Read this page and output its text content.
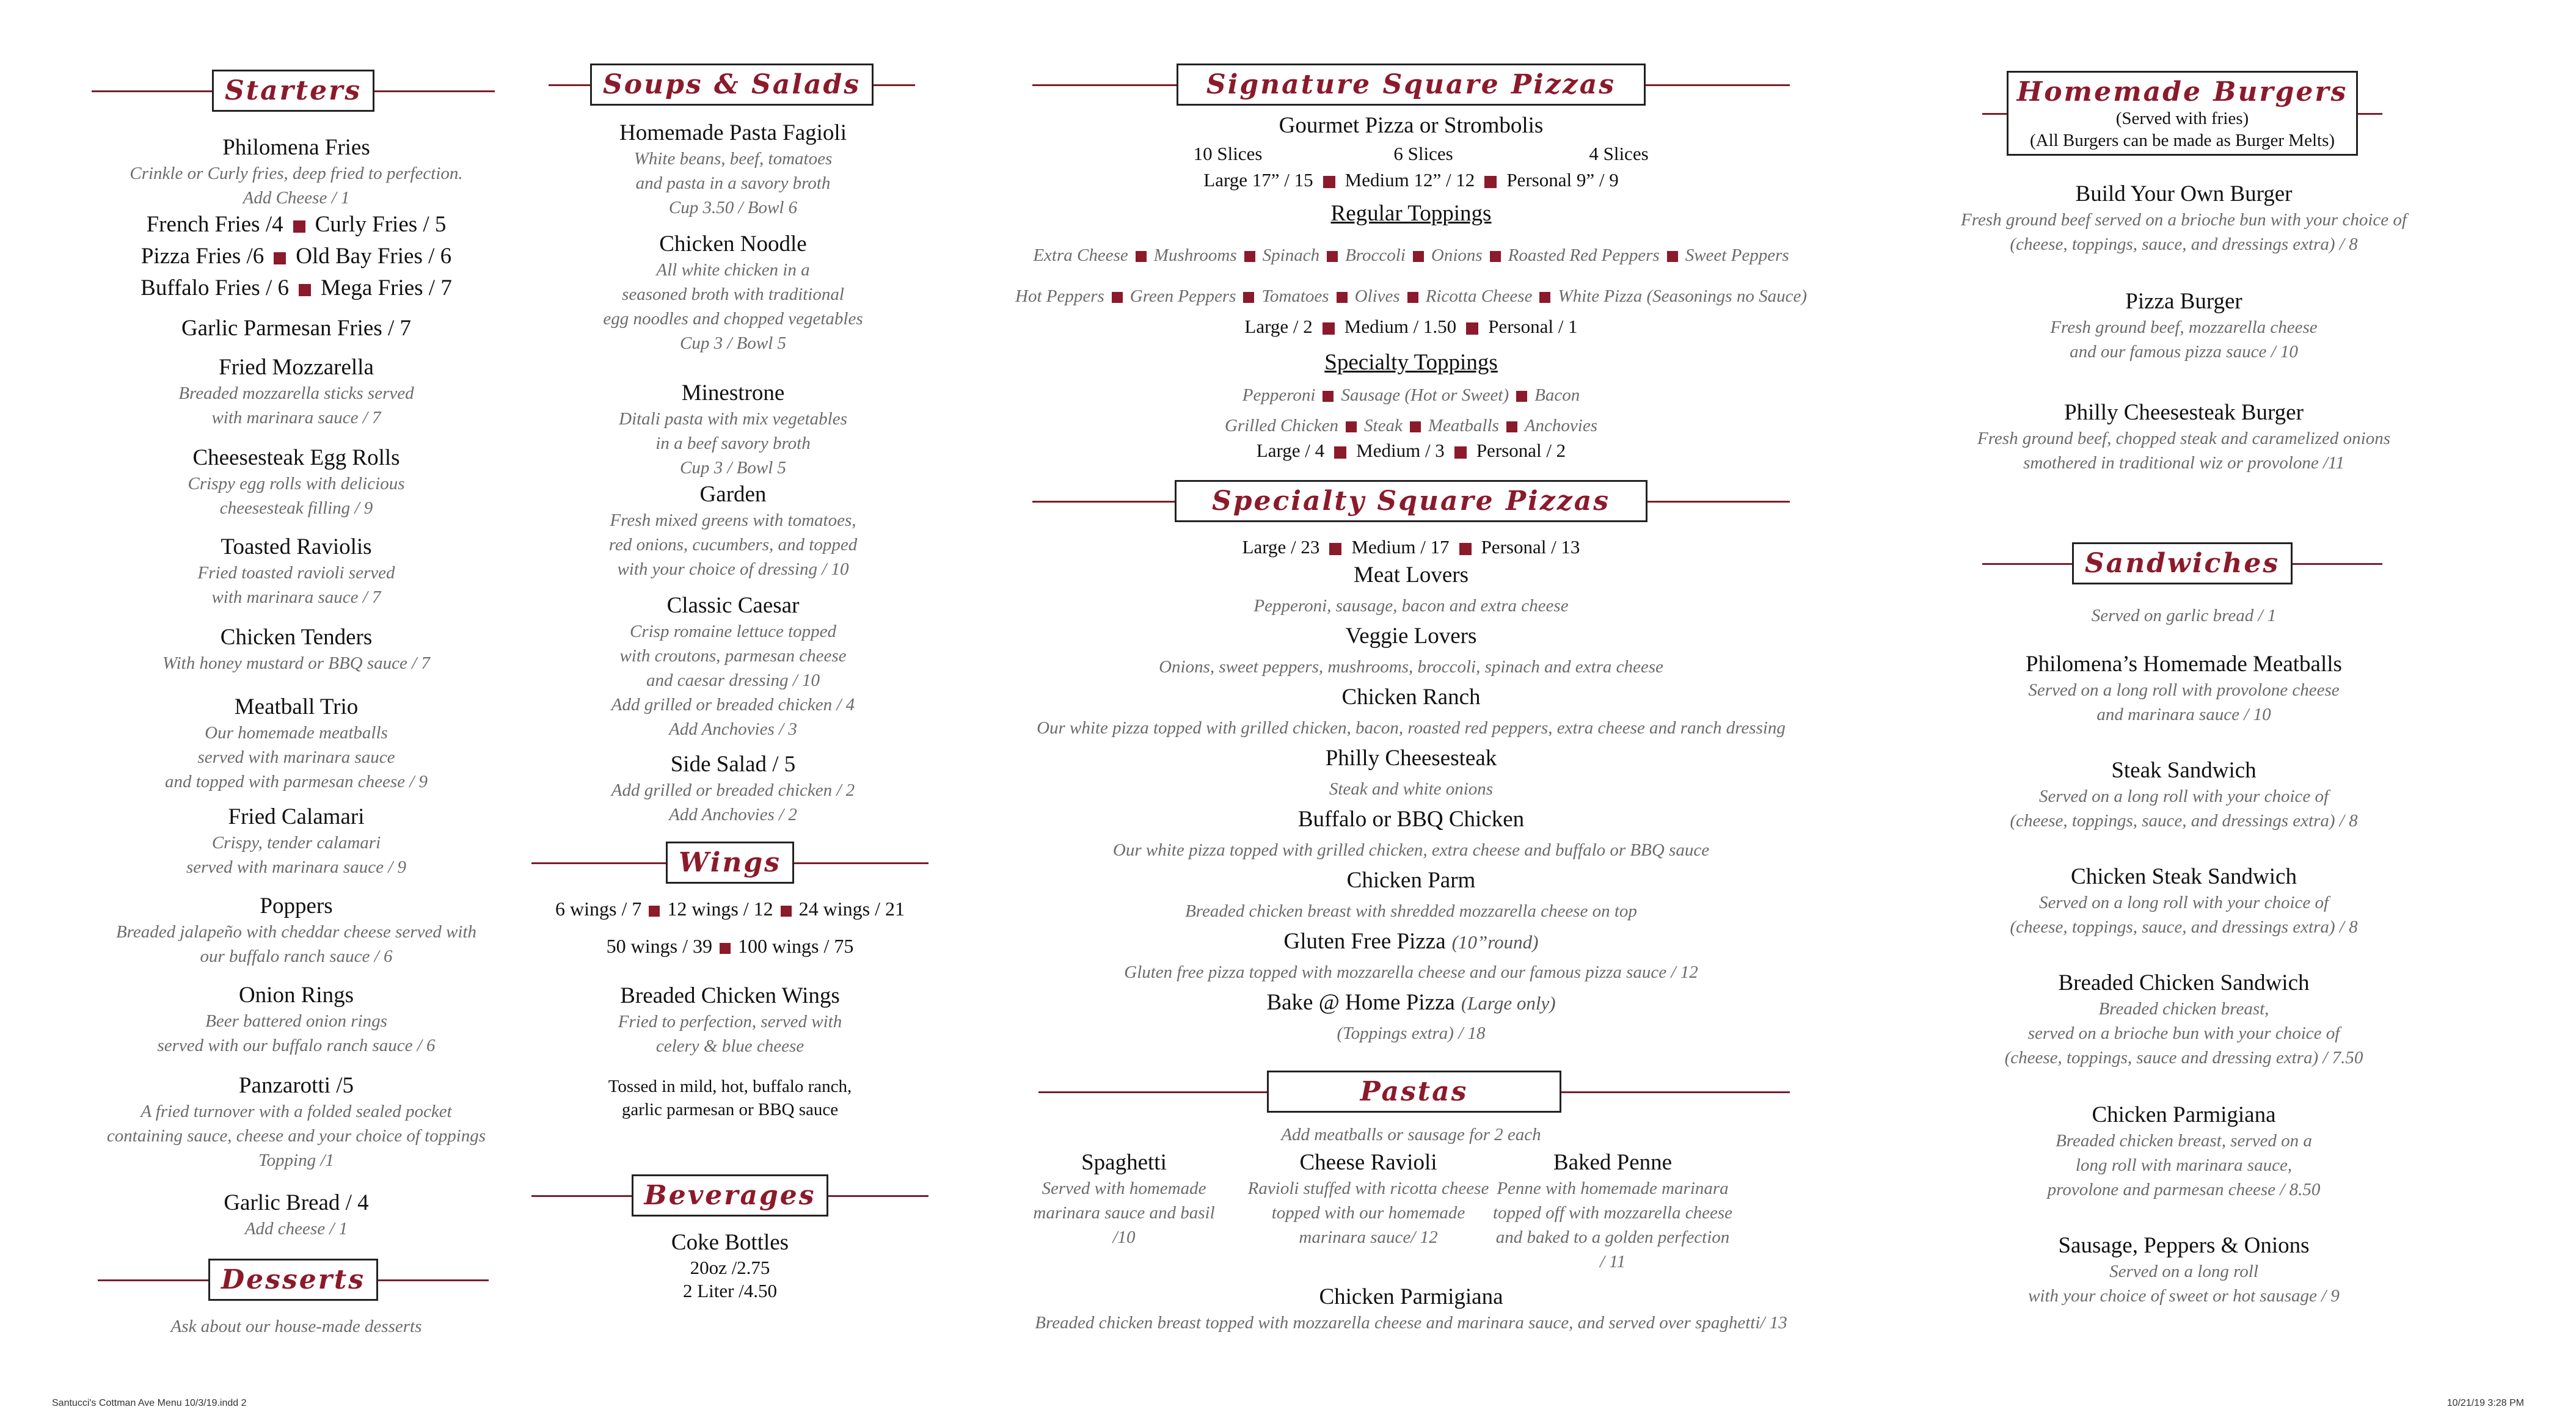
Starters
Desserts
Ask about our house-made desserts
Soups & Salads
Wings
6 wings / 7 12 wings / 12 24 wings / 21
50 wings / 39 100 wings / 75
Breaded Chicken Wings
Fried to perfection, served with
celery & blue cheese
Tossed in mild, hot, buffalo ranch,
garlic parmesan or BBQ sauce
Beverages
Coke Bottles
20oz /2.75
2 Liter /4.50
Signature Square Pizzas
Gourmet Pizza or Strombolis
10 Slices	6 Slices	4 Slices
Large 17” / 15 Medium 12” / 12 Personal 9” / 9
Regular Toppings
Extra Cheese Mushrooms Spinach Broccoli Onions Roasted Red Peppers Sweet Peppers
Hot Peppers Green Peppers Tomatoes Olives Ricotta Cheese White Pizza (Seasonings no Sauce)
Large / 2 Medium / 1.50 Personal / 1
Specialty Toppings
Pepperoni Sausage (Hot or Sweet) Bacon
Grilled Chicken Steak Meatballs Anchovies
Large / 4 Medium / 3 Personal / 2
Specialty Square Pizzas
Large / 23 Medium / 17 Personal / 13
Pastas
Add meatballs or sausage for 2 each
Chicken Parmigiana
Breaded chicken breast topped with mozzarella cheese and marinara sauce, and served over spaghetti/ 13
Homemade Burgers
(Served with fries)
(All Burgers can be made as Burger Melts)
Sandwiches
Served on garlic bread / 1
Santucci's Cottman Ave Menu 10/3/19.indd 2	10/21/19 3:28 PM
Philomena Fries
Crinkle or Curly fries, deep fried to perfection.
Add Cheese / 1
French Fries /4 Curly Fries / 5
Pizza Fries /6 Old Bay Fries / 6
Buffalo Fries / 6 Mega Fries / 7
Garlic Parmesan Fries / 7
Fried Mozzarella
Breaded mozzarella sticks served
with marinara sauce / 7
Cheesesteak Egg Rolls
Crispy egg rolls with delicious
cheesesteak filling / 9
Toasted Raviolis
Fried toasted ravioli served
with marinara sauce / 7
Chicken Tenders
With honey mustard or BBQ sauce / 7
Meatball Trio
Our homemade meatballs
served with marinara sauce
and topped with parmesan cheese / 9
Fried Calamari
Crispy, tender calamari
served with marinara sauce / 9
Poppers
Breaded jalapeño with cheddar cheese served with
our buffalo ranch sauce / 6
Onion Rings
Beer battered onion rings
served with our buffalo ranch sauce / 6
Panzarotti /5
A fried turnover with a folded sealed pocket
containing sauce, cheese and your choice of toppings
Topping /1
Garlic Bread / 4
Add cheese / 1
Homemade Pasta Fagioli
White beans, beef, tomatoes
and pasta in a savory broth
Cup 3.50 / Bowl 6
Chicken Noodle
All white chicken in a
seasoned broth with traditional
egg noodles and chopped vegetables
Cup 3 / Bowl 5
Minestrone
Ditali pasta with mix vegetables
in a beef savory broth
Cup 3 / Bowl 5
Garden
Fresh mixed greens with tomatoes,
red onions, cucumbers, and topped
with your choice of dressing / 10
Classic Caesar
Crisp romaine lettuce topped
with croutons, parmesan cheese
and caesar dressing / 10
Add grilled or breaded chicken / 4
Add Anchovies / 3
Side Salad / 5
Add grilled or breaded chicken / 2
Add Anchovies / 2
Meat Lovers
Pepperoni, sausage, bacon and extra cheese
Veggie Lovers
Onions, sweet peppers, mushrooms, broccoli, spinach and extra cheese
Chicken Ranch
Our white pizza topped with grilled chicken, bacon, roasted red peppers, extra cheese and ranch dressing
Philly Cheesesteak
Steak and white onions
Buffalo or BBQ Chicken
Our white pizza topped with grilled chicken, extra cheese and buffalo or BBQ sauce
Chicken Parm
Breaded chicken breast with shredded mozzarella cheese on top
Gluten Free Pizza (10”round)
Gluten free pizza topped with mozzarella cheese and our famous pizza sauce / 12
Bake @ Home Pizza (Large only)
(Toppings extra) / 18
Spaghetti
Served with homemade
marinara sauce and basil
/10
Cheese Ravioli
Ravioli stuffed with ricotta cheese
topped with our homemade
marinara sauce/ 12
Baked Penne
Penne with homemade marinara
topped off with mozzarella cheese
and baked to a golden perfection
/ 11
Build Your Own Burger
Fresh ground beef served on a brioche bun with your choice of
(cheese, toppings, sauce, and dressings extra) / 8
Pizza Burger
Fresh ground beef, mozzarella cheese
and our famous pizza sauce / 10
Philly Cheesesteak Burger
Fresh ground beef, chopped steak and caramelized onions
smothered in traditional wiz or provolone /11
Philomena’s Homemade Meatballs
Served on a long roll with provolone cheese
and marinara sauce / 10
Steak Sandwich
Served on a long roll with your choice of
(cheese, toppings, sauce, and dressings extra) / 8
Chicken Steak Sandwich
Served on a long roll with your choice of
(cheese, toppings, sauce, and dressings extra) / 8
Breaded Chicken Sandwich
Breaded chicken breast,
served on a brioche bun with your choice of
(cheese, toppings, sauce and dressing extra) / 7.50
Chicken Parmigiana
Breaded chicken breast, served on a
long roll with marinara sauce,
provolone and parmesan cheese / 8.50
Sausage, Peppers & Onions
Served on a long roll
with your choice of sweet or hot sausage / 9
